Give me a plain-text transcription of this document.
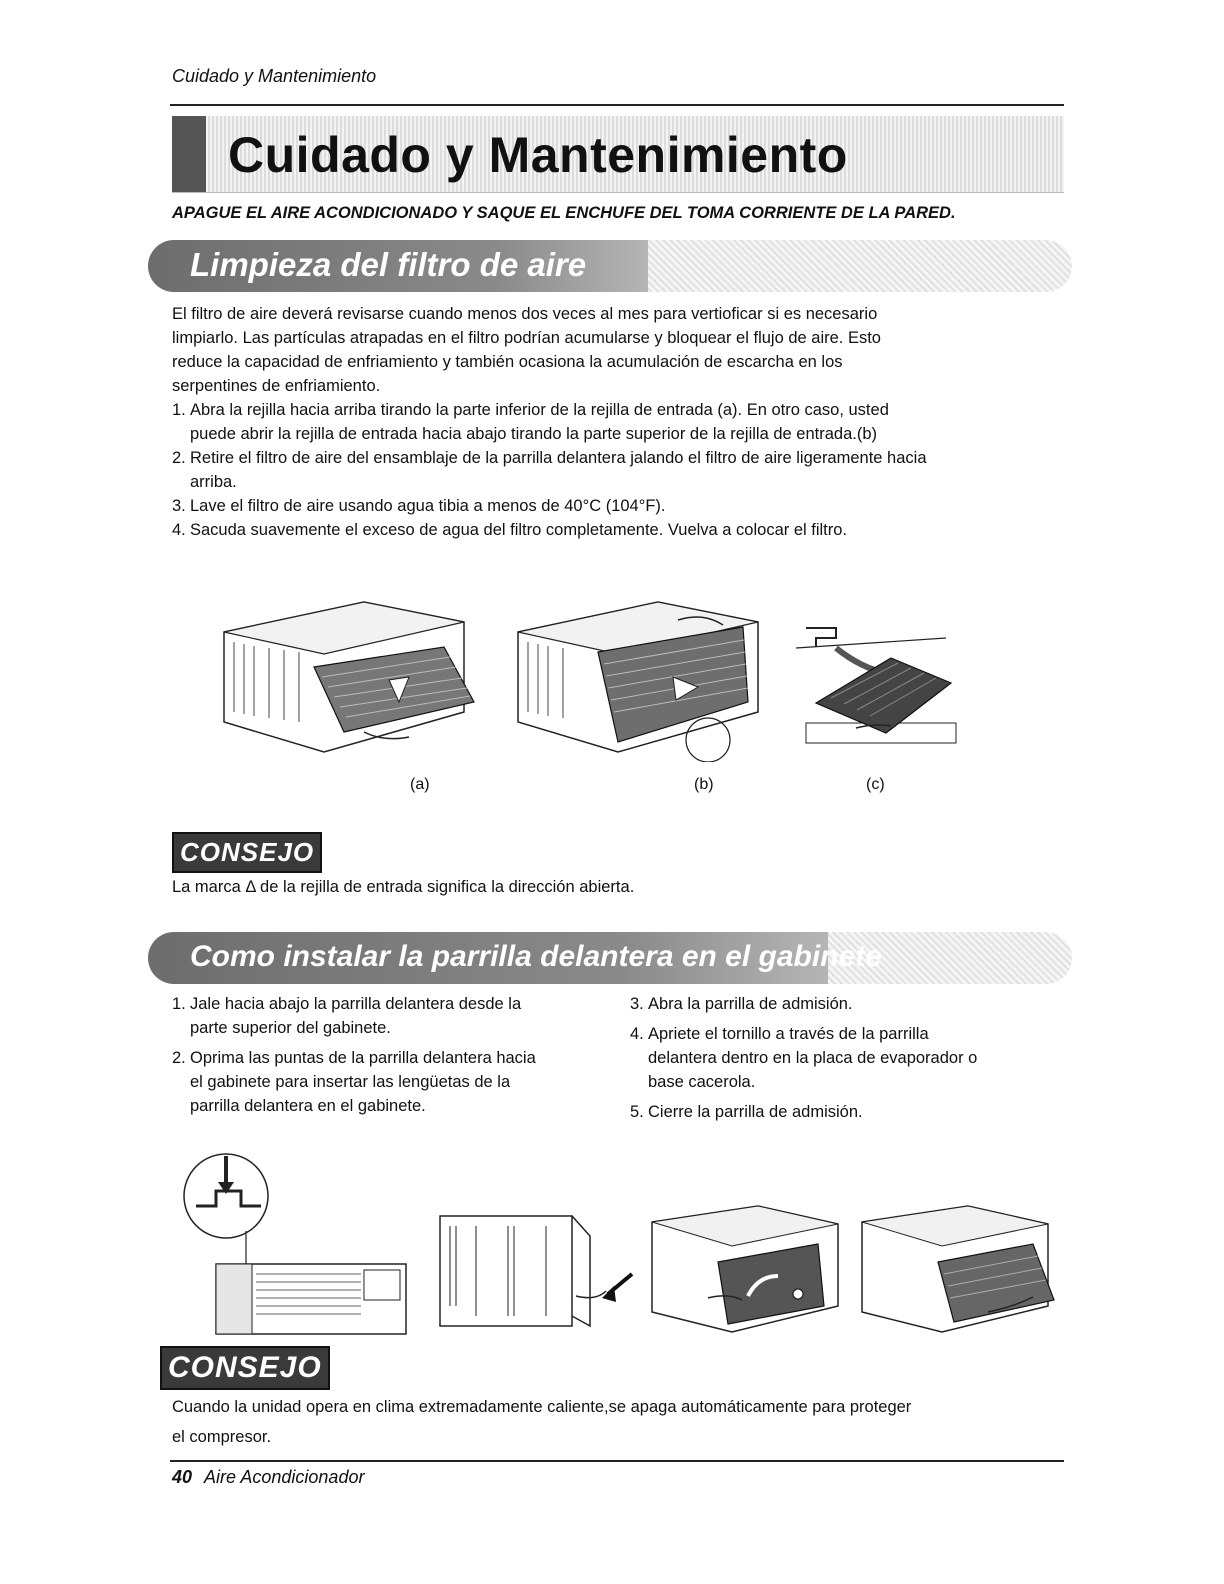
Cuidado y Mantenimiento
Cuidado y Mantenimiento
APAGUE EL AIRE ACONDICIONADO Y SAQUE EL ENCHUFE DEL TOMA CORRIENTE DE LA PARED.
Limpieza del filtro de aire
El filtro de aire deverá revisarse cuando menos dos veces al mes para vertioficar si es necesario
limpiarlo. Las partículas atrapadas en el filtro podrían acumularse y bloquear el flujo de aire. Esto
reduce la capacidad de enfriamiento y también ocasiona la acumulación de escarcha en los
serpentines de enfriamiento.
1. Abra la rejilla hacia arriba tirando la parte inferior de la rejilla de entrada (a). En otro caso, usted
puede abrir la rejilla de entrada hacia abajo tirando la parte superior de la rejilla de entrada.(b)
2. Retire el filtro de aire del ensamblaje de la parrilla delantera jalando el filtro de aire ligeramente hacia
arriba.
3. Lave el filtro de aire usando agua tibia a menos de 40°C (104°F).
4. Sacuda suavemente el exceso de agua del filtro completamente. Vuelva a colocar el filtro.
(a)	(b)	(c)
CONSEJO
La marca Δ de la rejilla de entrada significa la dirección abierta.
Como instalar la parrilla delantera en el gabinete
1. Jale hacia abajo la parrilla delantera desde la
parte superior del gabinete.
2. Oprima las puntas de la parrilla delantera hacia
el gabinete para insertar las lengüetas de la
parrilla delantera en el gabinete.
3. Abra la parrilla de admisión.
4. Apriete el tornillo a través de la parrilla
delantera dentro en la placa de evaporador o
base cacerola.
5. Cierre la parrilla de admisión.
CONSEJO
Cuando la unidad opera en clima extremadamente caliente,se apaga automáticamente para proteger
el compresor.
40 Aire Acondicionador
